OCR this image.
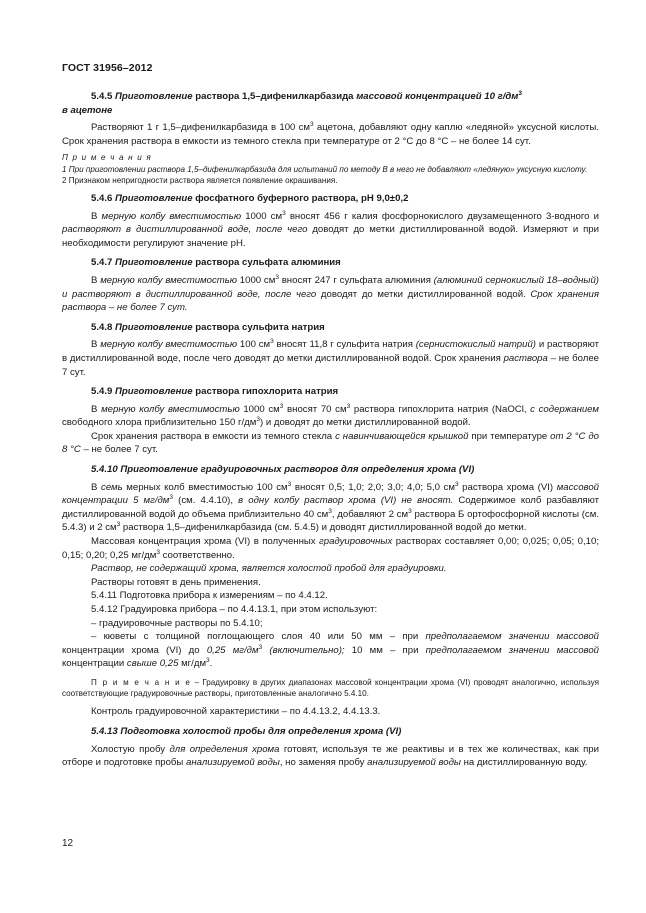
ГОСТ 31956–2012
5.4.5 Приготовление раствора 1,5–дифенилкарбазида массовой концентрацией 10 $г/дм^3$
в ацетоне

Растворяют 1 г 1,5–дифенилкарбазида в 100 $см^3$ ацетона, добавляют одну каплю «ледяной» уксусной кислоты. Срок хранения раствора в емкости из темного стекла при температуре от 2 °С до 8 °С – не более 14 сут.

П р и м е ч а н и я

1 При приготовлении раствора 1,5–дифенилкарбазида для испытаний по методу В в него не добавляют «ледяную» уксусную кислоту.

2 Признаком непригодности раствора является появление окрашивания.

5.4.6 Приготовление фосфатного буферного раствора, рН 9,0±0,2

В мерную колбу вместимостью 1000 $см^3$ вносят 456 г калия фосфорнокислого двузамещенного 3-водного и растворяют в дистиллированной воде, после чего доводят до метки дистиллированной водой. Измеряют и при необходимости регулируют значение рН.

5.4.7 Приготовление раствора сульфата алюминия

В мерную колбу вместимостью 1000 $см^3$ вносят 247 г сульфата алюминия (алюминий сернокислый 18–водный) и растворяют в дистиллированной воде, после чего доводят до метки дистиллированной водой. Срок хранения раствора – не более 7 сут.

5.4.8 Приготовление раствора сульфита натрия

В мерную колбу вместимостью 100 $см^3$ вносят 11,8 г сульфита натрия (сернистокислый натрий) и растворяют в дистиллированной воде, после чего доводят до метки дистиллированной водой. Срок хранения раствора – не более 7 сут.

5.4.9 Приготовление раствора гипохлорита натрия

В мерную колбу вместимостью 1000 $см^3$ вносят 70 $см^3$ раствора гипохлорита натрия (NaOCl, с содержанием свободного хлора приблизительно 150 $г/дм^3$) и доводят до метки дистиллированной водой.

Срок хранения раствора в емкости из темного стекла с навинчивающейся крышкой при температуре от 2 °С до 8 °С – не более 7 сут.

5.4.10 Приготовление градуировочных растворов для определения хрома (VI)

В семь мерных колб вместимостью 100 $см^3$ вносят 0,5; 1,0; 2,0; 3,0; 4,0; 5,0 $см^3$ раствора хрома (VI) массовой концентрации 5 $мг/дм^3$ (см. 4.4.10), в одну колбу раствор хрома (VI) не вносят. Содержимое колб разбавляют дистиллированной водой до объема приблизительно 40 $см^3$, добавляют 2 $см^3$ раствора Б ортофосфорной кислоты (см. 5.4.3) и 2 $см^3$ раствора 1,5–дифенилкарбазида (см. 5.4.5) и доводят дистиллированной водой до метки.

Массовая концентрация хрома (VI) в полученных градуировочных растворах составляет 0,00; 0,025; 0,05; 0,10; 0,15; 0,20; 0,25 $мг/дм^3$ соответственно.

Раствор, не содержащий хрома, является холостой пробой для градуировки.

Растворы готовят в день применения.

5.4.11 Подготовка прибора к измерениям – по 4.4.12.

5.4.12 Градуировка прибора – по 4.4.13.1, при этом используют:

– градуировочные растворы по 5.4.10;

– кюветы с толщиной поглощающего слоя 40 или 50 мм – при предполагаемом значении массовой концентрации хрома (VI) до 0,25 $мг/дм^3$ (включительно); 10 мм – при предполагаемом значении массовой концентрации свыше 0,25 $мг/дм^3$.

П р и м е ч а н и е – Градуировку в других диапазонах массовой концентрации хрома (VI) проводят аналогично, используя соответствующие градуировочные растворы, приготовленные аналогично 5.4.10.

Контроль градуировочной характеристики – по 4.4.13.2, 4.4.13.3.

5.4.13 Подготовка холостой пробы для определения хрома (VI)

Холостую пробу для определения хрома готовят, используя те же реактивы и в тех же количествах, как при отборе и подготовке пробы анализируемой воды, но заменяя пробу анализируемой воды на дистиллированную воду.

12
